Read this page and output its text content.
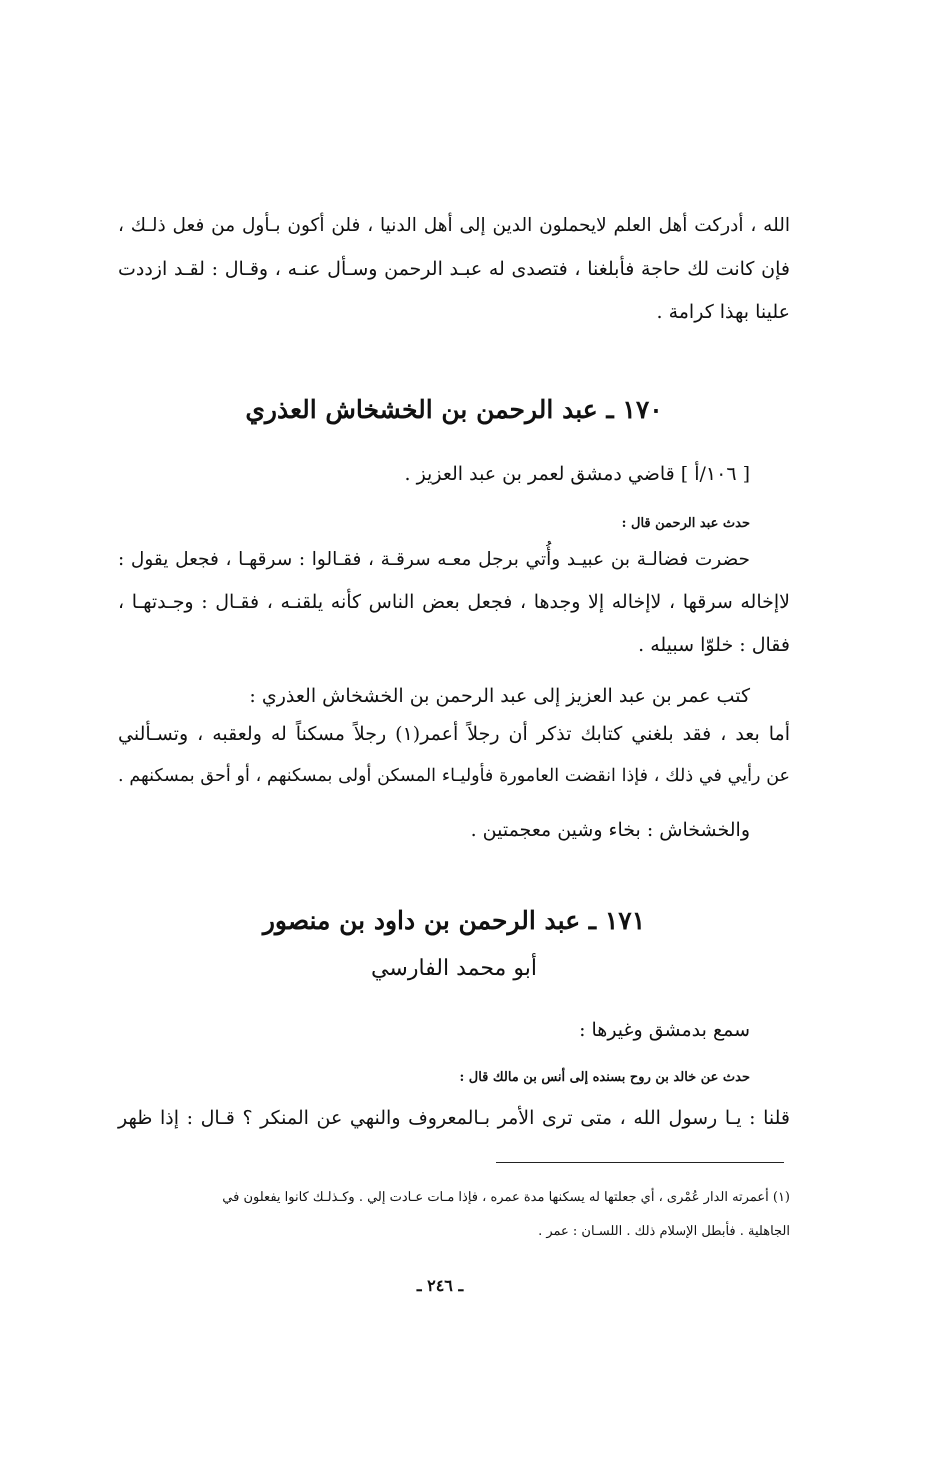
الله ، أدركت أهل العلم لايحملون الدين إلى أهل الدنيا ، فلن أكون بـأول من فعل ذلـك ،
فإن كانت لك حاجة فأبلغنا ، فتصدى له عبـد الرحمن وسـأل عنـه ، وقـال : لقـد ازددت
علينا بهذا كرامة .
١٧٠ ـ عبد الرحمن بن الخشخاش العذري
[ ١٠٦/أ ] قاضي دمشق لعمر بن عبد العزيز .
حدث عبد الرحمن قال :
حضرت فضالـة بن عبيـد وأُتي برجل معـه سرقـة ، فقـالوا : سرقهـا ، فجعل يقول :
لاإخاله سرقها ، لاإخاله إلا وجدها ، فجعل بعض الناس كأنه يلقنـه ، فقـال : وجـدتهـا ،
فقال : خلوّا سبيله .
كتب عمر بن عبد العزيز إلى عبد الرحمن بن الخشخاش العذري :
أما بعد ، فقد بلغني كتابك تذكر أن رجلاً أعمر(١) رجلاً مسكناً له ولعقبه ، وتسـألني
عن رأيي في ذلك ، فإذا انقضت العامورة فأوليـاء المسكن أولى بمسكنهم ، أو أحق بمسكنهم .
والخشخاش : بخاء وشين معجمتين .
١٧١ ـ عبد الرحمن بن داود بن منصور
أبو محمد الفارسي
سمع بدمشق وغيرها :
حدث عن خالد بن روح بسنده إلى أنس بن مالك قال :
قلنا : يـا رسول الله ، متى ترى الأمر بـالمعروف والنهي عن المنكر ؟ قـال : إذا ظهر
(١) أعمرته الدار عُمْرى ، أي جعلتها له يسكنها مدة عمره ، فإذا مـات عـادت إلي . وكـذلـك كانوا يفعلون في
الجاهلية . فأبطل الإسلام ذلك . اللسـان : عمر .
ـ ٢٤٦ ـ
